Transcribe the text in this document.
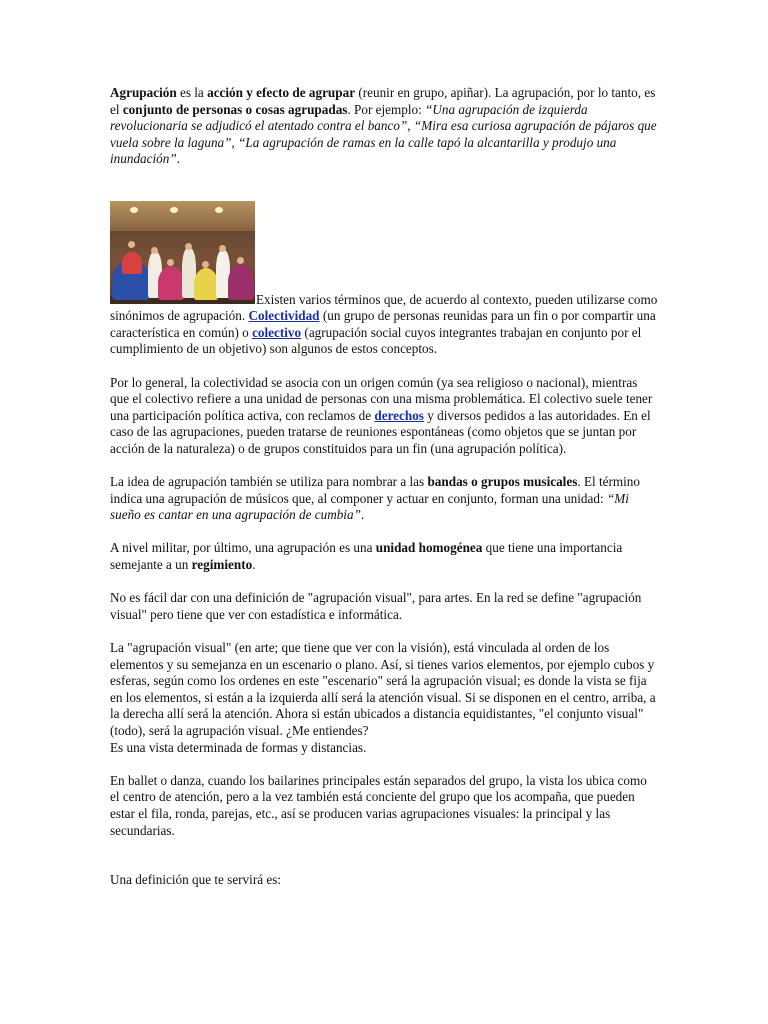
Agrupación es la acción y efecto de agrupar (reunir en grupo, apiñar). La agrupación, por lo tanto, es el conjunto de personas o cosas agrupadas. Por ejemplo: “Una agrupación de izquierda revolucionaria se adjudicó el atentado contra el banco”, “Mira esa curiosa agrupación de pájaros que vuela sobre la laguna”, “La agrupación de ramas en la calle tapó la alcantarilla y produjo una inundación”.

Existen varios términos que, de acuerdo al contexto, pueden utilizarse como sinónimos de agrupación. Colectividad (un grupo de personas reunidas para un fin o por compartir una característica en común) o colectivo (agrupación social cuyos integrantes trabajan en conjunto por el cumplimiento de un objetivo) son algunos de estos conceptos.

Por lo general, la colectividad se asocia con un origen común (ya sea religioso o nacional), mientras que el colectivo refiere a una unidad de personas con una misma problemática. El colectivo suele tener una participación política activa, con reclamos de derechos y diversos pedidos a las autoridades. En el caso de las agrupaciones, pueden tratarse de reuniones espontáneas (como objetos que se juntan por acción de la naturaleza) o de grupos constituidos para un fin (una agrupación política).

La idea de agrupación también se utiliza para nombrar a las bandas o grupos musicales. El término indica una agrupación de músicos que, al componer y actuar en conjunto, forman una unidad: “Mi sueño es cantar en una agrupación de cumbia”.

A nivel militar, por último, una agrupación es una unidad homogénea que tiene una importancia semejante a un regimiento.

No es fácil dar con una definición de "agrupación visual", para artes. En la red se define "agrupación visual" pero tiene que ver con estadística e informática.

La "agrupación visual" (en arte; que tiene que ver con la visión), está vinculada al orden de los elementos y su semejanza en un escenario o plano. Así, si tienes varios elementos, por ejemplo cubos y esferas, según como los ordenes en este "escenario" será la agrupación visual; es donde la vista se fija en los elementos, si están a la izquierda allí será la atención visual. Si se disponen en el centro, arriba, a la derecha allí será la atención. Ahora si están ubicados a distancia equidistantes, "el conjunto visual" (todo), será la agrupación visual. ¿Me entiendes?
Es una vista determinada de formas y distancias.

En ballet o danza, cuando los bailarines principales están separados del grupo, la vista los ubica como el centro de atención, pero a la vez también está conciente del grupo que los acompaña, que pueden estar el fila, ronda, parejas, etc., así se producen varias agrupaciones visuales: la principal y las secundarias.

Una definición que te servirá es:
